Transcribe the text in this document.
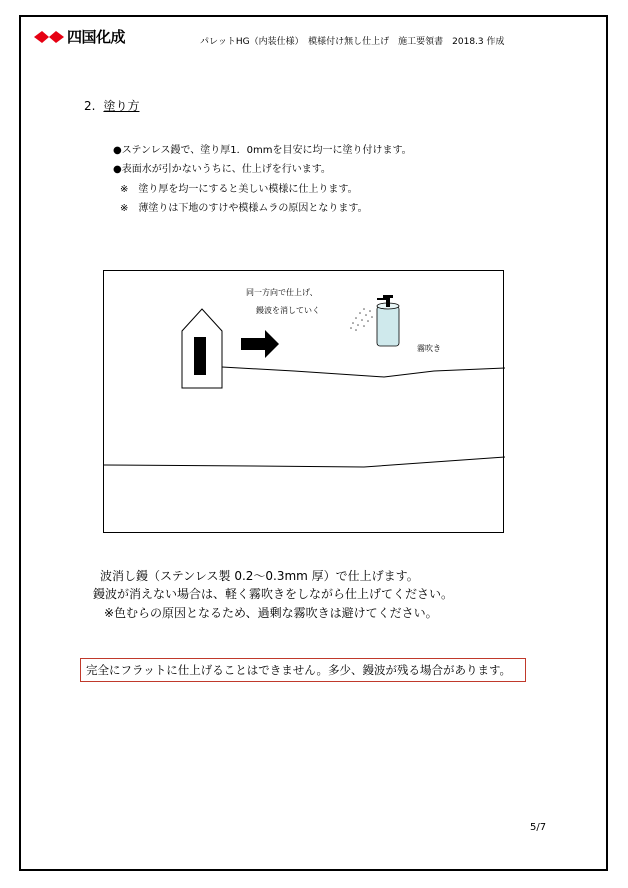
四国化成	パレットHG（内装仕様）　模様付け無し仕上げ　施工要領書　2018.3 作成
2. 塗り方
●ステンレス鏝で、塗り厚1．0mmを目安に均一に塗り付けます。
●表面水が引かないうちに、仕上げを行います。
※　塗り厚を均一にすると美しい模様に仕上ります。
※　薄塗りは下地のすけや模様ムラの原因となります。
同一方向で仕上げ、
鏝波を消していく
霧吹き
波消し鏝（ステンレス製 0.2～0.3mm 厚）で仕上げます。
鏝波が消えない場合は、軽く霧吹きをしながら仕上げてください。
※色むらの原因となるため、過剰な霧吹きは避けてください。
完全にフラットに仕上げることはできません。多少、鏝波が残る場合があります。
5/7
